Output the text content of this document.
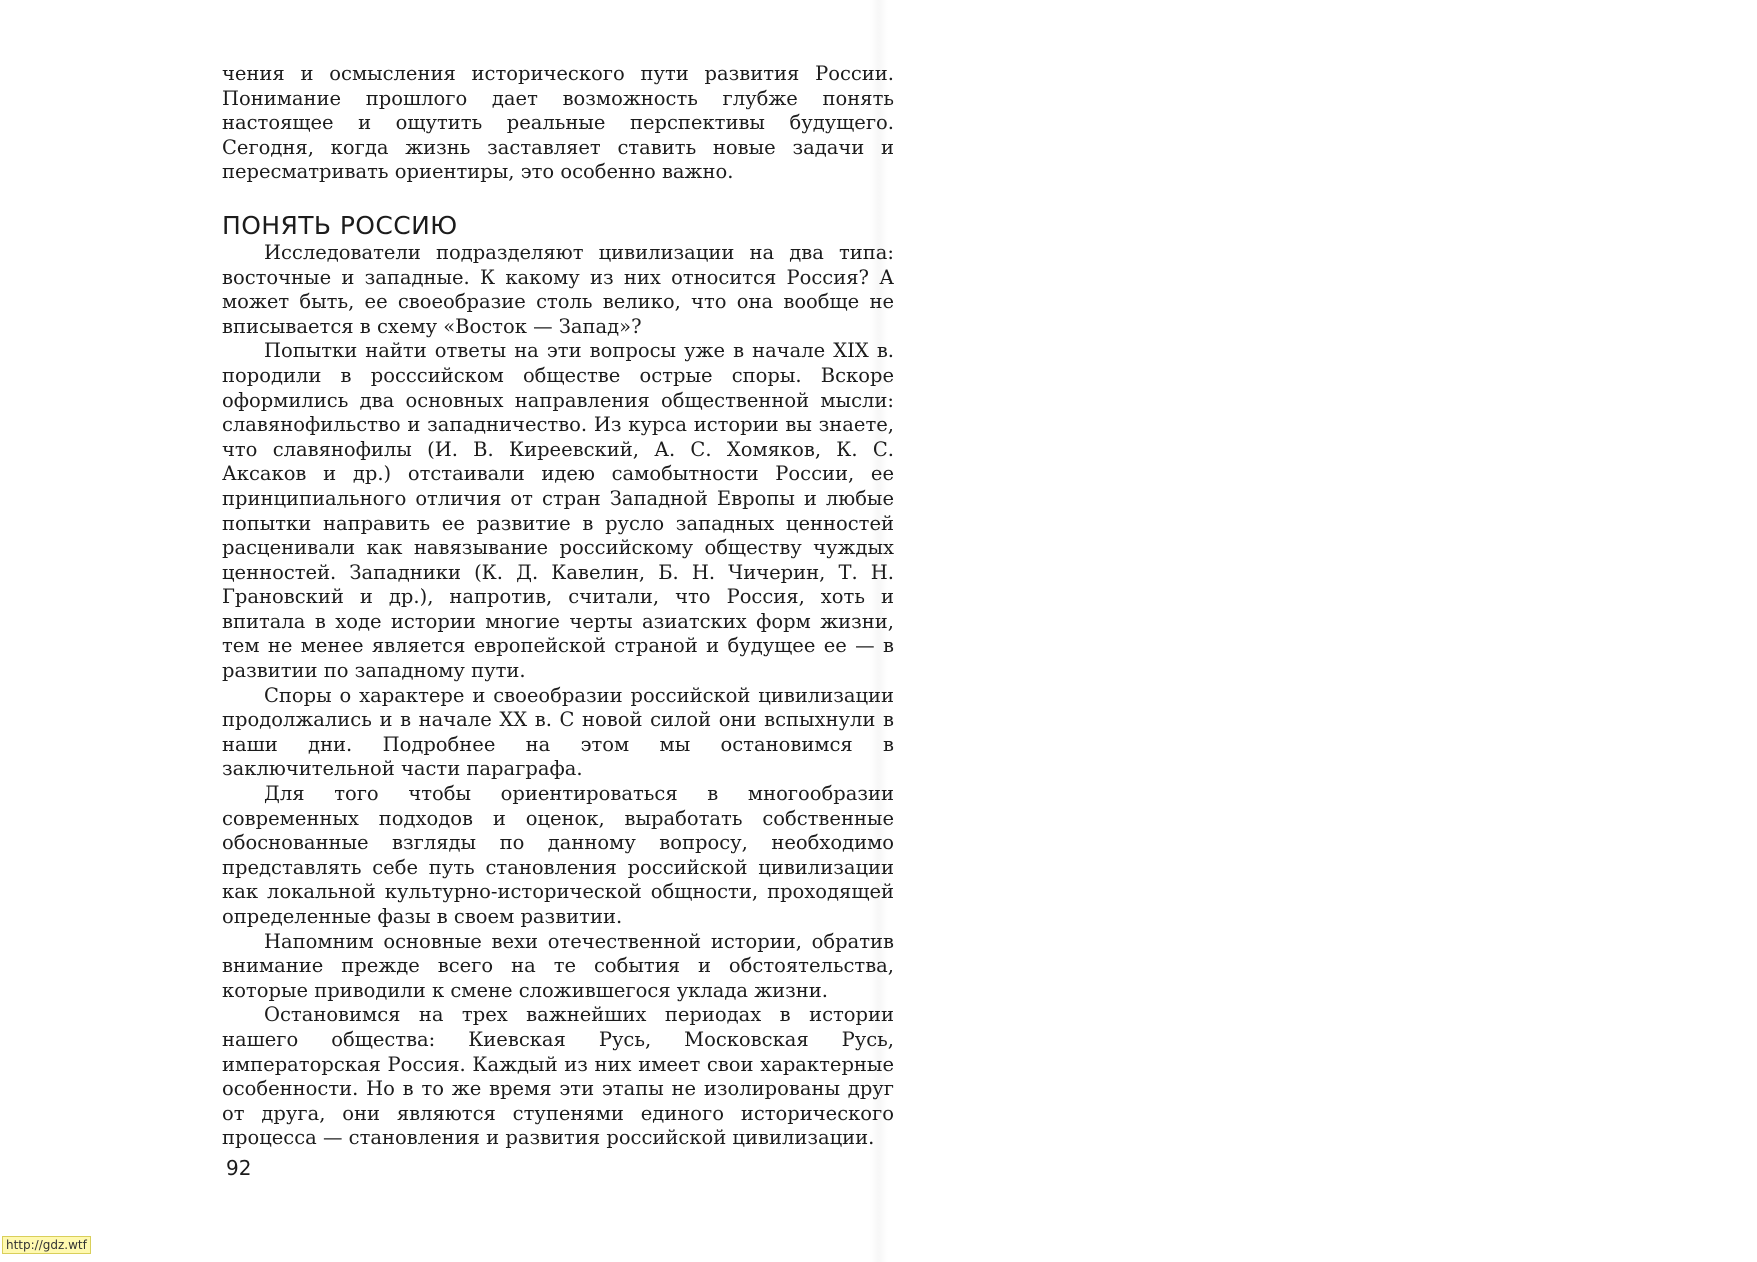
чения и осмысления исторического пути развития России. Понимание прошлого дает возможность глубже понять настоящее и ощутить реальные перспективы будущего. Сегодня, когда жизнь заставляет ставить новые задачи и пересматривать ориентиры, это особенно важно.

ПОНЯТЬ РОССИЮ

Исследователи подразделяют цивилизации на два типа: восточные и западные. К какому из них относится Россия? А может быть, ее своеобразие столь велико, что она вообще не вписывается в схему «Восток — Запад»?

Попытки найти ответы на эти вопросы уже в начале XIX в. породили в росссийском обществе острые споры. Вскоре оформились два основных направления общественной мысли: славянофильство и западничество. Из курса истории вы знаете, что славянофилы (И. В. Киреевский, А. С. Хомяков, К. С. Аксаков и др.) отстаивали идею самобытности России, ее принципиального отличия от стран Западной Европы и любые попытки направить ее развитие в русло западных ценностей расценивали как навязывание российскому обществу чуждых ценностей. Западники (К. Д. Кавелин, Б. Н. Чичерин, Т. Н. Грановский и др.), напротив, считали, что Россия, хоть и впитала в ходе истории многие черты азиатских форм жизни, тем не менее является европейской страной и будущее ее — в развитии по западному пути.

Споры о характере и своеобразии российской цивилизации продолжались и в начале XX в. С новой силой они вспыхнули в наши дни. Подробнее на этом мы остановимся в заключительной части параграфа.

Для того чтобы ориентироваться в многообразии современных подходов и оценок, выработать собственные обоснованные взгляды по данному вопросу, необходимо представлять себе путь становления российской цивилизации как локальной культурно-исторической общности, проходящей определенные фазы в своем развитии.

Напомним основные вехи отечественной истории, обратив внимание прежде всего на те события и обстоятельства, которые приводили к смене сложившегося уклада жизни.

Остановимся на трех важнейших периодах в истории нашего общества: Киевская Русь, Московская Русь, императорская Россия. Каждый из них имеет свои характерные особенности. Но в то же время эти этапы не изолированы друг от друга, они являются ступенями единого исторического процесса — становления и развития российской цивилизации.

92

http://gdz.wtf
